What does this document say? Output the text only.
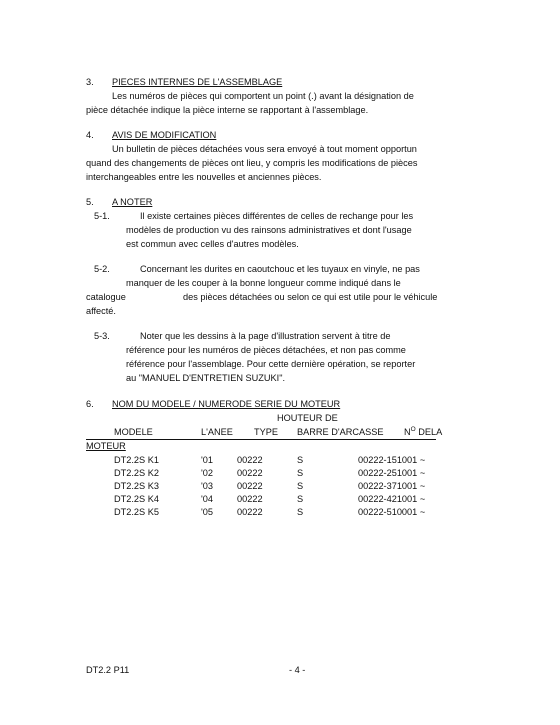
3. PIECES INTERNES DE L'ASSEMBLAGE
Les numéros de pièces qui comportent un point (.) avant la désignation de
pièce détachée indique la pièce interne se rapportant à l'assemblage.
4. AVIS DE MODIFICATION
Un bulletin de pièces détachées vous sera envoyé à tout moment opportun
quand des changements de pièces ont lieu, y compris les modifications de pièces
interchangeables entre les nouvelles et anciennes pièces.
5. A NOTER
5-1.	Il existe certaines pièces différentes de celles de rechange pour les
modèles de production vu des rainsons administratives et dont l'usage
est commun avec celles d'autres modèles.
5-2.	Concernant les durites en caoutchouc et les tuyaux en vinyle, ne pas
manquer de les couper à la bonne longueur comme indiqué dans le
catalogue	des pièces détachées ou selon ce qui est utile pour le véhicule
affecté.
5-3.	Noter que les dessins à la page d'illustration servent à titre de
référence pour les numéros de pièces détachées, et non pas comme
référence pour l'assemblage. Pour cette dernière opération, se reporter
au "MANUEL D'ENTRETIEN SUZUKI".
6. NOM DU MODELE / NUMERODE SERIE DU MOTEUR
HOUTEUR DE
MODELE	L'ANEE TYPE BARRE D'ARCASSE $N^O$ DELA
MOTEUR
DT2.2S K1	'01	00222	S	00222-151001 ~
DT2.2S K2	'02	00222	S	00222-251001 ~
DT2.2S K3	'03	00222	S	00222-371001 ~
DT2.2S K4	'04	00222	S	00222-421001 ~
DT2.2S K5	'05	00222	S	00222-510001 ~
DT2.2 P11	- 4 -
